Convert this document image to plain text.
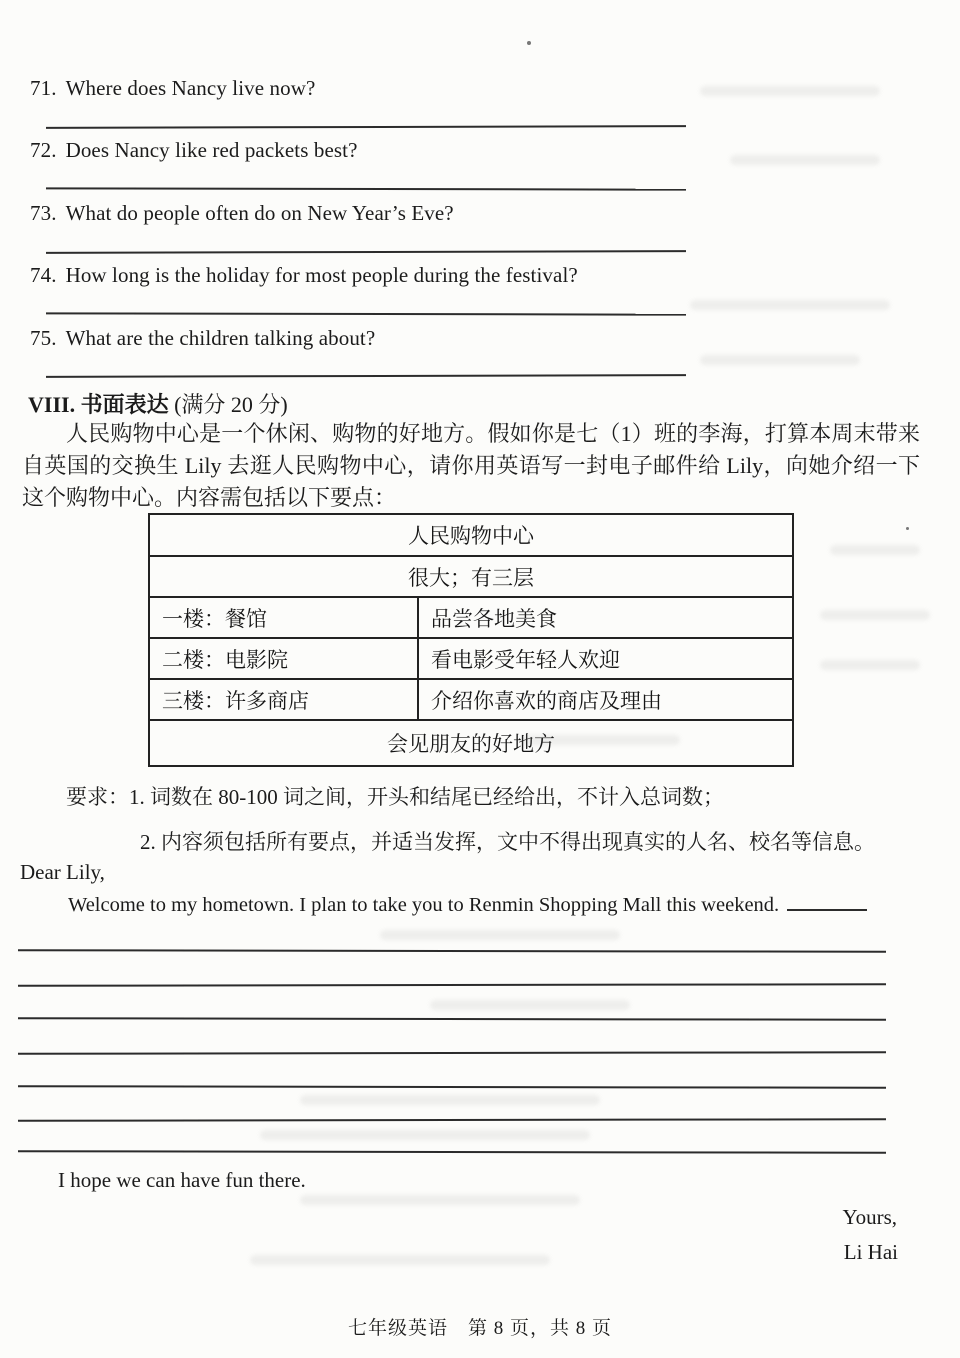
71. Where does Nancy live now?
72. Does Nancy like red packets best?
73. What do people often do on New Year’s Eve?
74. How long is the holiday for most people during the festival?
75. What are the children talking about?
VIII. 书面表达 (满分 20 分)
人民购物中心是一个休闲、购物的好地方。假如你是七（1）班的李海，打算本周末带来自英国的交换生 Lily 去逛人民购物中心，请你用英语写一封电子邮件给 Lily，向她介绍一下这个购物中心。内容需包括以下要点：
人民购物中心	
很大；有三层	
一楼：餐馆	品尝各地美食
二楼：电影院	看电影受年轻人欢迎
三楼：许多商店	介绍你喜欢的商店及理由
会见朋友的好地方	
要求：1. 词数在 80-100 词之间，开头和结尾已经给出，不计入总词数；
2. 内容须包括所有要点，并适当发挥，文中不得出现真实的人名、校名等信息。
Dear Lily,
Welcome to my hometown. I plan to take you to Renmin Shopping Mall this weekend.
I hope we can have fun there.
Yours,
Li Hai
七年级英语　第 8 页，共 8 页
